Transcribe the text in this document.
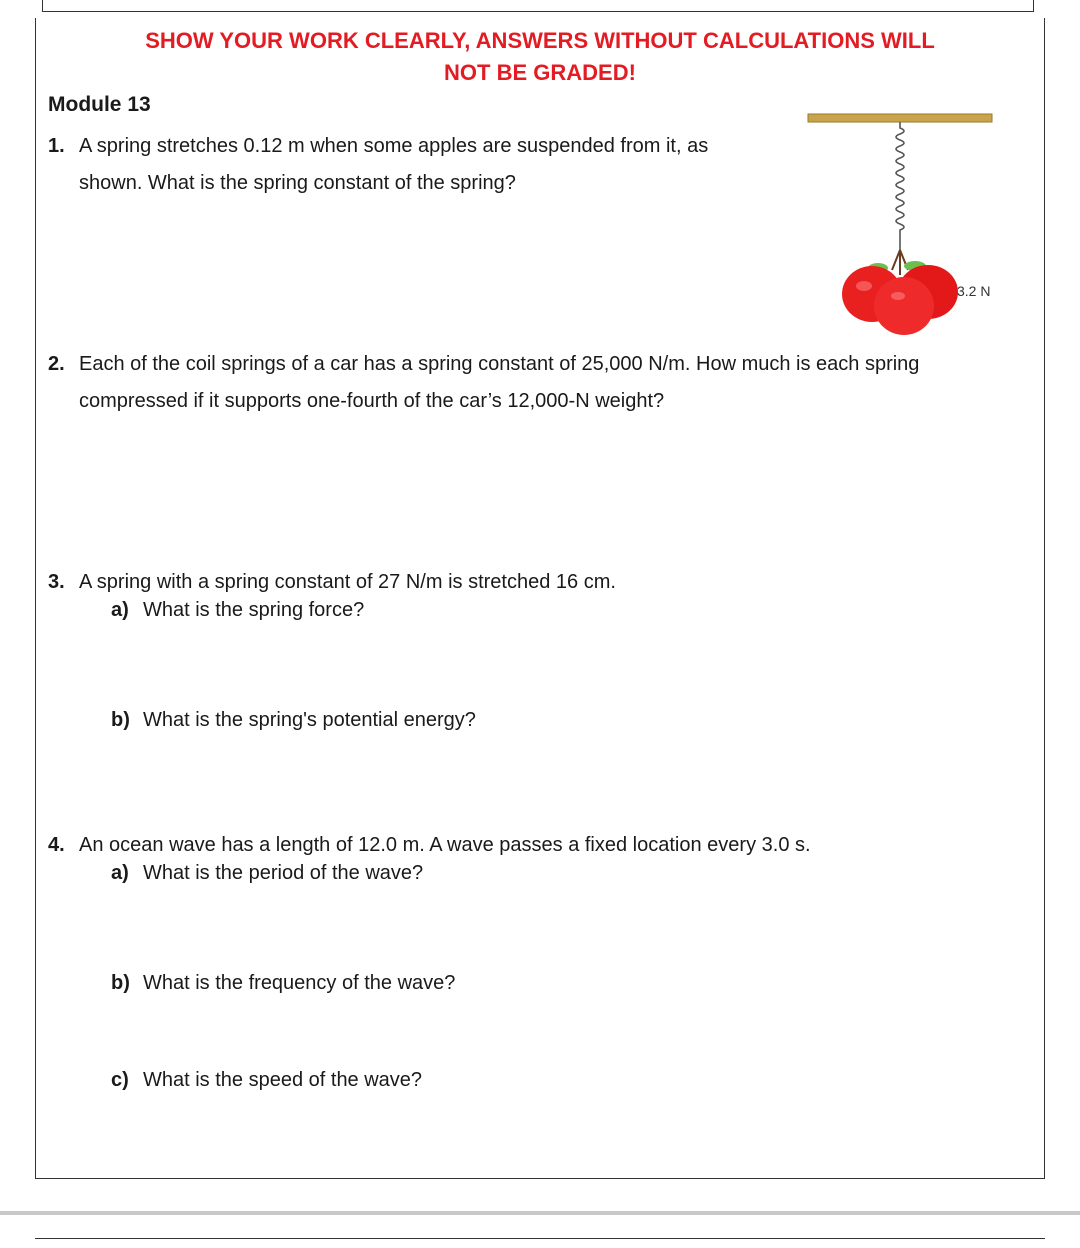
SHOW YOUR WORK CLEARLY, ANSWERS WITHOUT CALCULATIONS WILL
NOT BE GRADED!
Module 13
1. A spring stretches 0.12 m when some apples are suspended from it, as
shown. What is the spring constant of the spring?
3.2 N
2. Each of the coil springs of a car has a spring constant of 25,000 N/m. How much is each spring
compressed if it supports one-fourth of the car’s 12,000-N weight?
3. A spring with a spring constant of 27 N/m is stretched 16 cm.
a) What is the spring force?
b) What is the spring's potential energy?
4. An ocean wave has a length of 12.0 m. A wave passes a fixed location every 3.0 s.
a) What is the period of the wave?
b) What is the frequency of the wave?
c) What is the speed of the wave?
